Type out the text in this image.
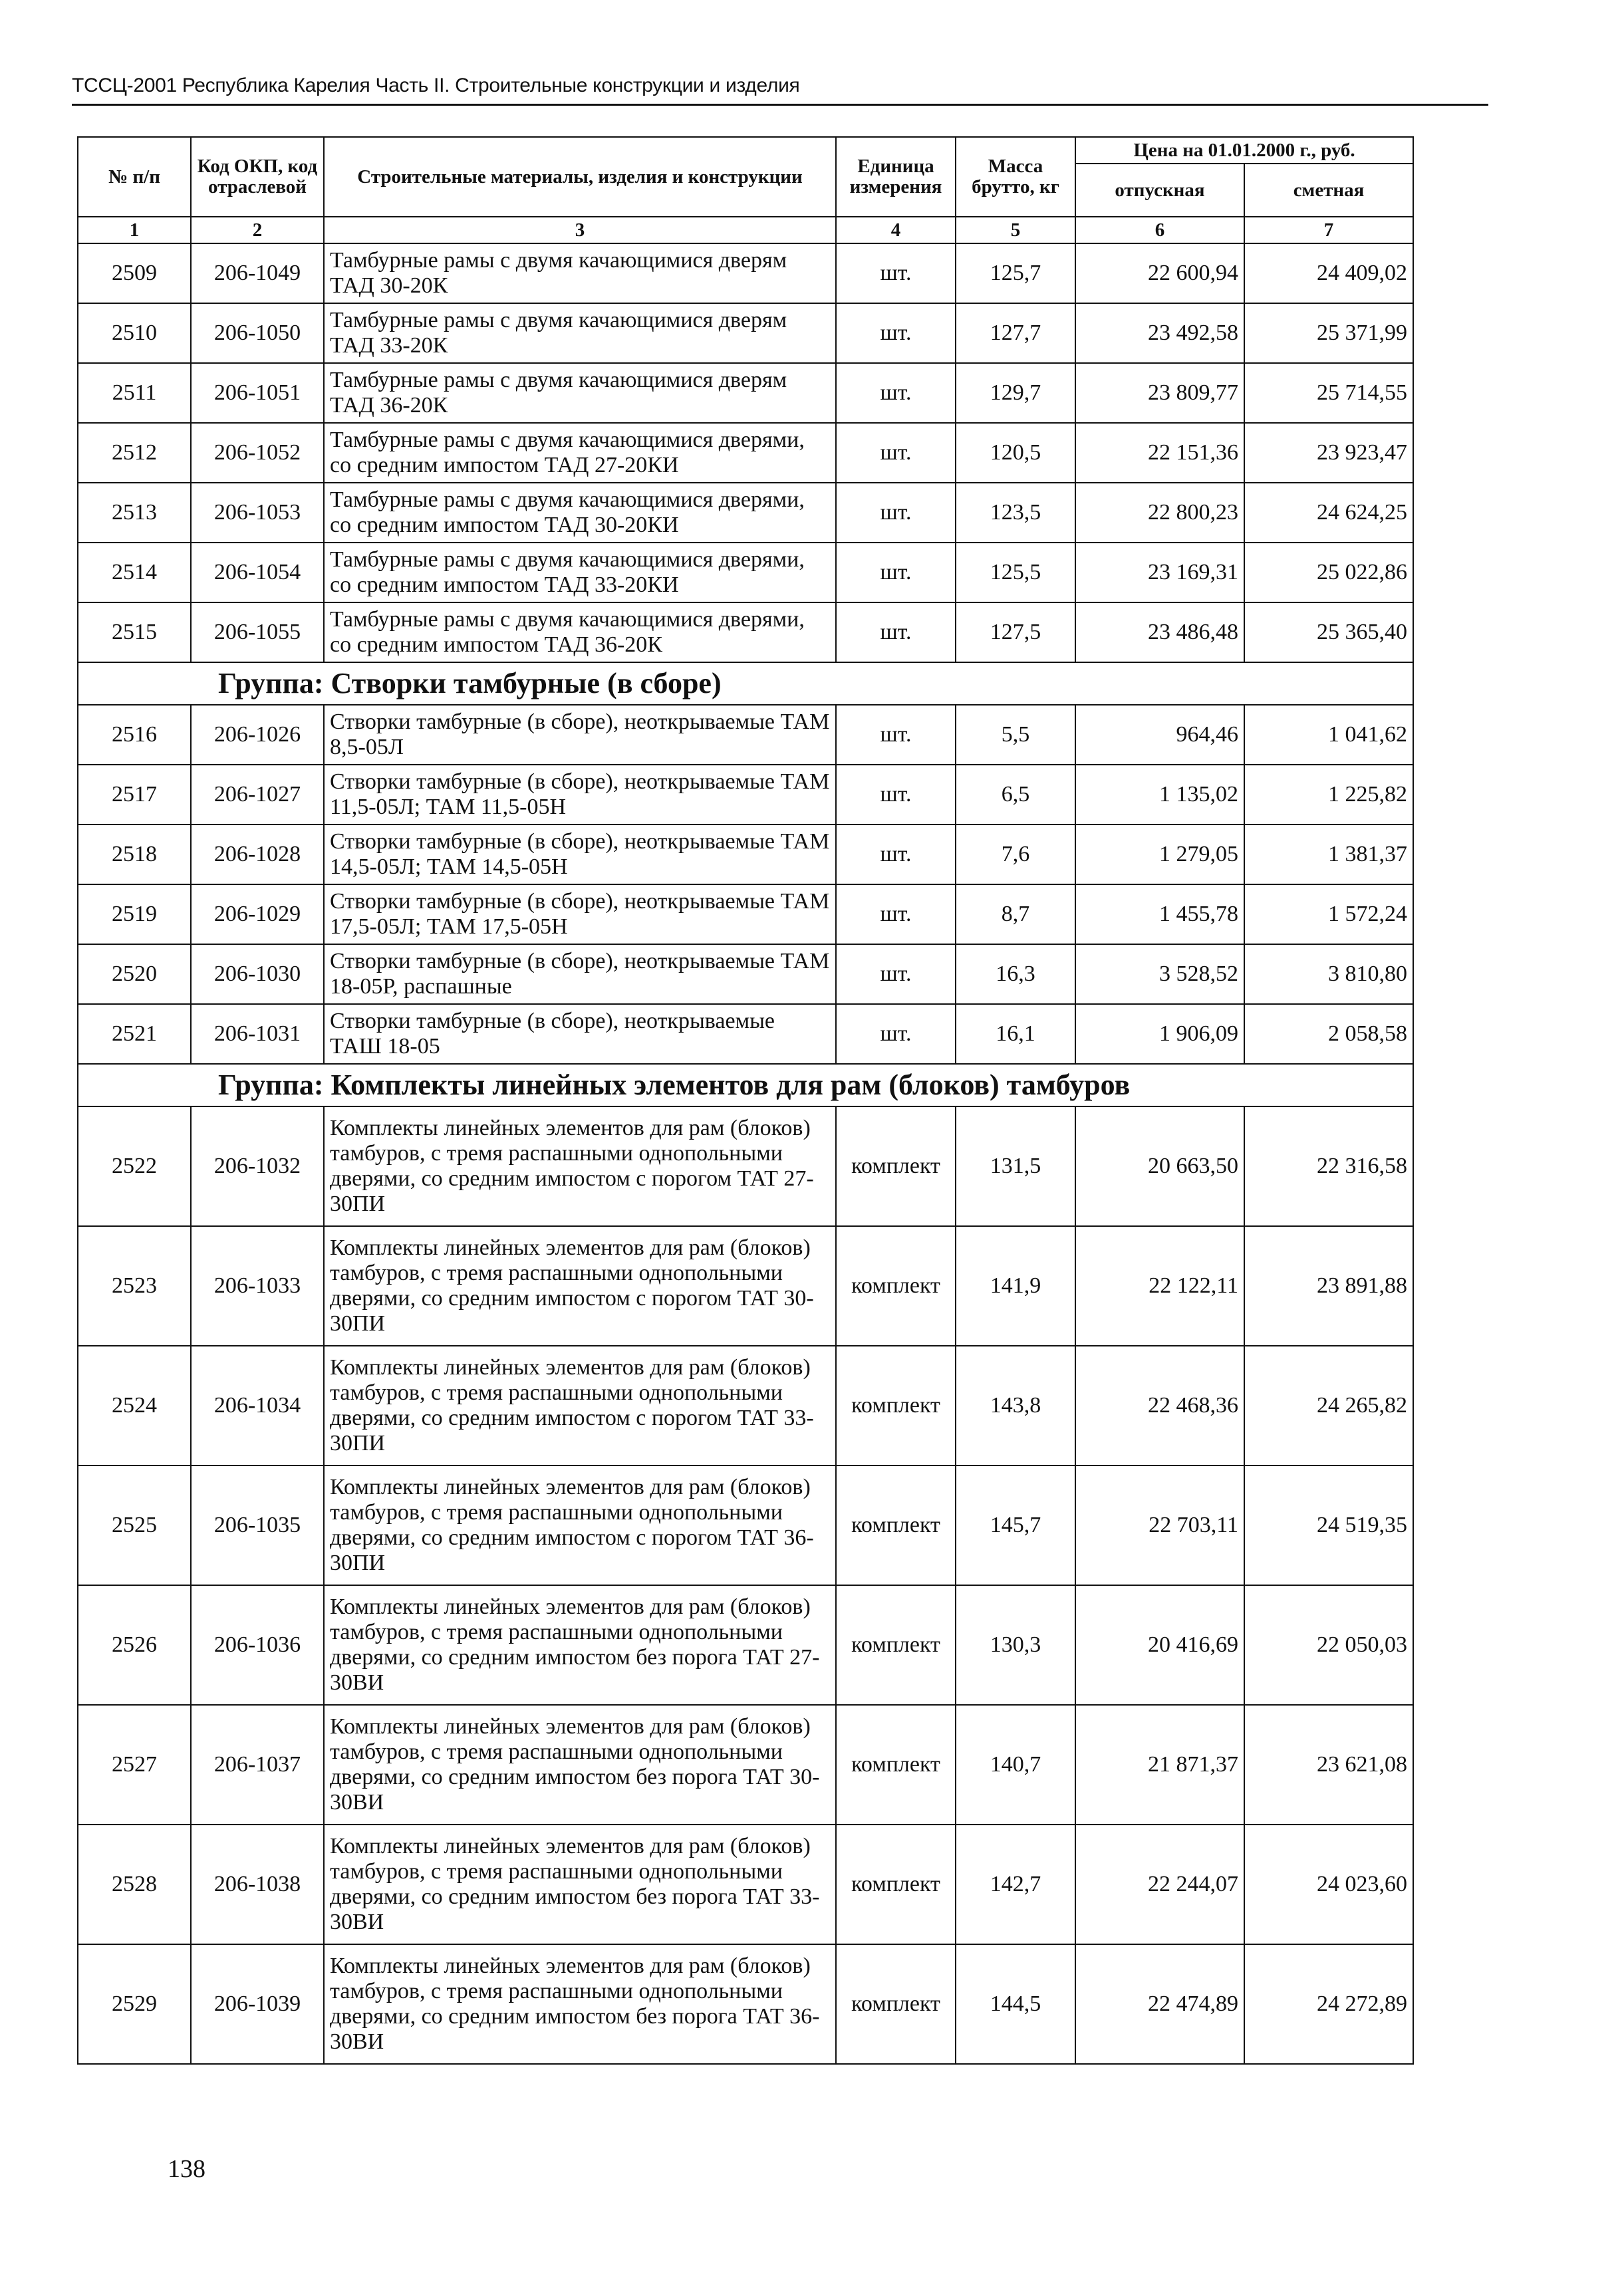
ТССЦ-2001 Республика Карелия Часть II. Строительные конструкции и изделия
№ п/п	Код ОКП, код отраслевой	Строительные материалы, изделия и конструкции	Единица измерения	Масса брутто, кг	Цена на 01.01.2000 г., руб.	
					отпускная	сметная
1	2	3	4	5	6	7
2509	206-1049	Тамбурные рамы с двумя качающимися дверям ТАД 30-20К	шт.	125,7	22 600,94	24 409,02
2510	206-1050	Тамбурные рамы с двумя качающимися дверям ТАД 33-20К	шт.	127,7	23 492,58	25 371,99
2511	206-1051	Тамбурные рамы с двумя качающимися дверям ТАД 36-20К	шт.	129,7	23 809,77	25 714,55
2512	206-1052	Тамбурные рамы с двумя качающимися дверями, со средним импостом ТАД 27-20КИ	шт.	120,5	22 151,36	23 923,47
2513	206-1053	Тамбурные рамы с двумя качающимися дверями, со средним импостом ТАД 30-20КИ	шт.	123,5	22 800,23	24 624,25
2514	206-1054	Тамбурные рамы с двумя качающимися дверями, со средним импостом ТАД 33-20КИ	шт.	125,5	23 169,31	25 022,86
2515	206-1055	Тамбурные рамы с двумя качающимися дверями, со средним импостом ТАД 36-20К	шт.	127,5	23 486,48	25 365,40
Группа: Створки тамбурные (в сборе)						
2516	206-1026	Створки тамбурные (в сборе), неоткрываемые ТАМ 8,5-05Л	шт.	5,5	964,46	1 041,62
2517	206-1027	Створки тамбурные (в сборе), неоткрываемые ТАМ 11,5-05Л; ТАМ 11,5-05Н	шт.	6,5	1 135,02	1 225,82
2518	206-1028	Створки тамбурные (в сборе), неоткрываемые ТАМ 14,5-05Л; ТАМ 14,5-05Н	шт.	7,6	1 279,05	1 381,37
2519	206-1029	Створки тамбурные (в сборе), неоткрываемые ТАМ 17,5-05Л; ТАМ 17,5-05Н	шт.	8,7	1 455,78	1 572,24
2520	206-1030	Створки тамбурные (в сборе), неоткрываемые ТАМ 18-05Р, распашные	шт.	16,3	3 528,52	3 810,80
2521	206-1031	Створки тамбурные (в сборе), неоткрываемые ТАШ 18-05	шт.	16,1	1 906,09	2 058,58
Группа: Комплекты линейных элементов для рам (блоков) тамбуров						
2522	206-1032	Комплекты линейных элементов для рам (блоков) тамбуров, с тремя распашными однопольными дверями, со средним импостом с порогом ТАТ 27-30ПИ	комплект	131,5	20 663,50	22 316,58
2523	206-1033	Комплекты линейных элементов для рам (блоков) тамбуров, с тремя распашными однопольными дверями, со средним импостом с порогом ТАТ 30-30ПИ	комплект	141,9	22 122,11	23 891,88
2524	206-1034	Комплекты линейных элементов для рам (блоков) тамбуров, с тремя распашными однопольными дверями, со средним импостом с порогом ТАТ 33-30ПИ	комплект	143,8	22 468,36	24 265,82
2525	206-1035	Комплекты линейных элементов для рам (блоков) тамбуров, с тремя распашными однопольными дверями, со средним импостом с порогом ТАТ 36-30ПИ	комплект	145,7	22 703,11	24 519,35
2526	206-1036	Комплекты линейных элементов для рам (блоков) тамбуров, с тремя распашными однопольными дверями, со средним импостом без порога ТАТ 27-30ВИ	комплект	130,3	20 416,69	22 050,03
2527	206-1037	Комплекты линейных элементов для рам (блоков) тамбуров, с тремя распашными однопольными дверями, со средним импостом без порога ТАТ 30-30ВИ	комплект	140,7	21 871,37	23 621,08
2528	206-1038	Комплекты линейных элементов для рам (блоков) тамбуров, с тремя распашными однопольными дверями, со средним импостом без порога ТАТ 33-30ВИ	комплект	142,7	22 244,07	24 023,60
2529	206-1039	Комплекты линейных элементов для рам (блоков) тамбуров, с тремя распашными однопольными дверями, со средним импостом без порога ТАТ 36-30ВИ	комплект	144,5	22 474,89	24 272,89
138
